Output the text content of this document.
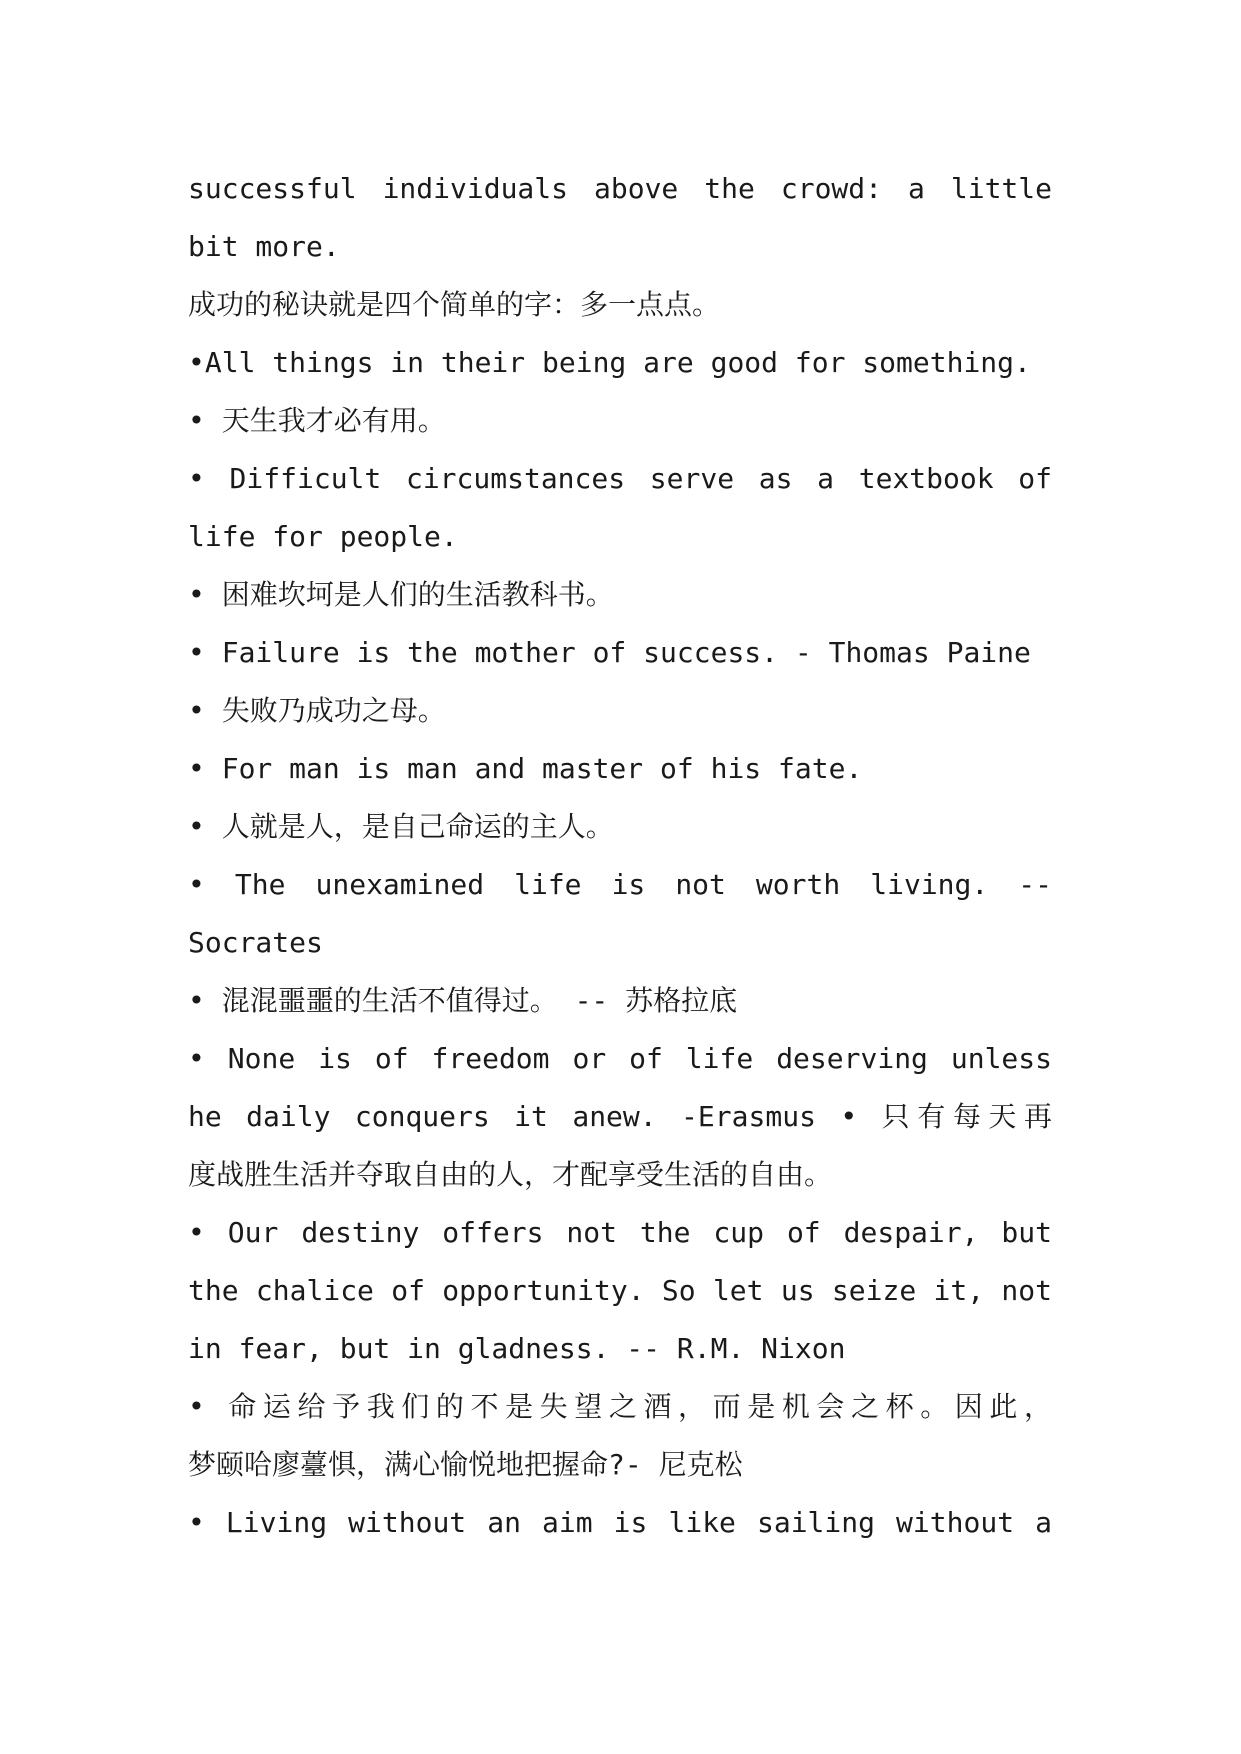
successful individuals above the crowd: a little
bit more.
成功的秘诀就是四个简单的字：多一点点。
•All things in their being are good for something.
• 天生我才必有用。
• Difficult circumstances serve as a textbook of
life for people.
• 困难坎坷是人们的生活教科书。
• Failure is the mother of success. - Thomas Paine
• 失败乃成功之母。
• For man is man and master of his fate.
• 人就是人，是自己命运的主人。
• The unexamined life is not worth living. --
Socrates
• 混混噩噩的生活不值得过。 -- 苏格拉底
• None is of freedom or of life deserving unless
he daily conquers it anew. -Erasmus • 只有每天再
度战胜生活并夺取自由的人，才配享受生活的自由。
• Our destiny offers not the cup of despair, but
the chalice of opportunity. So let us seize it, not
in fear, but in gladness. -- R.M. Nixon
• 命运给予我们的不是失望之酒，而是机会之杯。因此，
梦颐哈廖薹惧，满心愉悦地把握命?- 尼克松
• Living without an aim is like sailing without a
